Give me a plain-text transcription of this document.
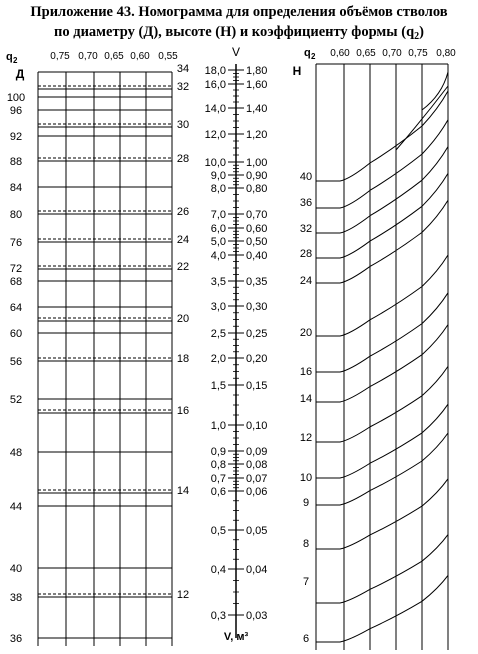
Приложение 43. Номограмма для определения объёмов стволов
по диаметру (Д), высоте (Н) и коэффициенту формы $(q_2)$
q 2	0,75 0,70 0,65 0,60 0,55
Д
100
96
92
88
84
80
76
72
68
64
60
56
52
48
44
40
38
36
34
32
30
28
26
24
22
20
18
16
14
12
V
18,0 1,80
16,0 1,60
14,0 1,40
12,0 1,20
10,0 1,00
9,0 0,90
8,0 0,80
7,0 0,70
6,0 0,60
5,0 0,50
4,0 0,40
3,5 0,35
3,0 0,30
2,5 0,25
2,0 0,20
1,5 0,15
1,0 0,10
0,9 0,09
0,8 0,08
0,7 0,07
0,6 0,06
0,5 0,05
0,4 0,04
0,3 0,03
V, м³
q 2 0,60 0,65 0,70 0,75 0,80
Н
40
36
32
28
24
20
16
14
12
10
9
8
7
6
